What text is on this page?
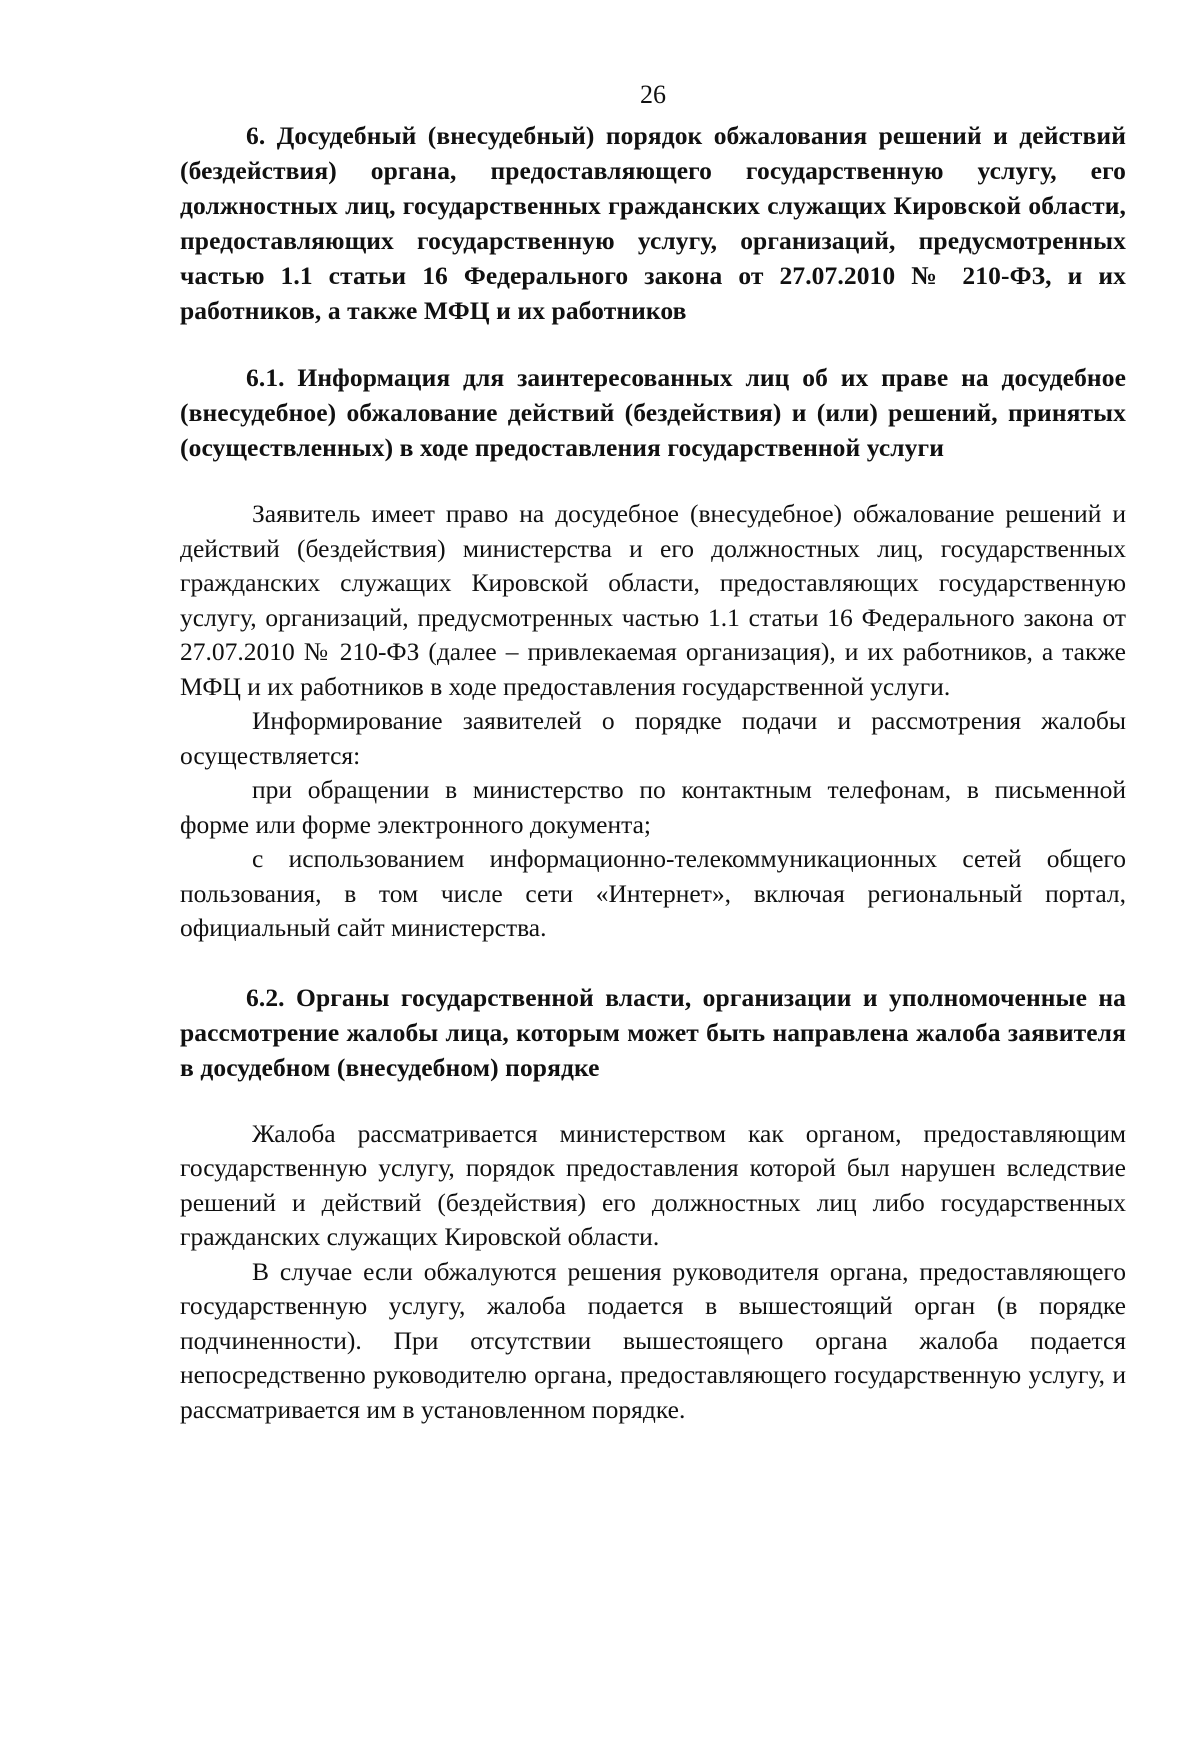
26

6. Досудебный (внесудебный) порядок обжалования решений и действий (бездействия) органа, предоставляющего государственную услугу, его должностных лиц, государственных гражданских служащих Кировской области, предоставляющих государственную услугу, организаций, предусмотренных частью 1.1 статьи 16 Федерального закона от 27.07.2010 № 210-ФЗ, и их работников, а также МФЦ и их работников

6.1. Информация для заинтересованных лиц об их праве на досудебное (внесудебное) обжалование действий (бездействия) и (или) решений, принятых (осуществленных) в ходе предоставления государственной услуги

Заявитель имеет право на досудебное (внесудебное) обжалование решений и действий (бездействия) министерства и его должностных лиц, государственных гражданских служащих Кировской области, предоставляющих государственную услугу, организаций, предусмотренных частью 1.1 статьи 16 Федерального закона от 27.07.2010 № 210-ФЗ (далее – привлекаемая организация), и их работников, а также МФЦ и их работников в ходе предоставления государственной услуги.

Информирование заявителей о порядке подачи и рассмотрения жалобы осуществляется:

при обращении в министерство по контактным телефонам, в письменной форме или форме электронного документа;

с использованием информационно-телекоммуникационных сетей общего пользования, в том числе сети «Интернет», включая региональный портал, официальный сайт министерства.

6.2. Органы государственной власти, организации и уполномоченные на рассмотрение жалобы лица, которым может быть направлена жалоба заявителя в досудебном (внесудебном) порядке

Жалоба рассматривается министерством как органом, предоставляющим государственную услугу, порядок предоставления которой был нарушен вследствие решений и действий (бездействия) его должностных лиц либо государственных гражданских служащих Кировской области.

В случае если обжалуются решения руководителя органа, предоставляющего государственную услугу, жалоба подается в вышестоящий орган (в порядке подчиненности). При отсутствии вышестоящего органа жалоба подается непосредственно руководителю органа, предоставляющего государственную услугу, и рассматривается им в установленном порядке.
